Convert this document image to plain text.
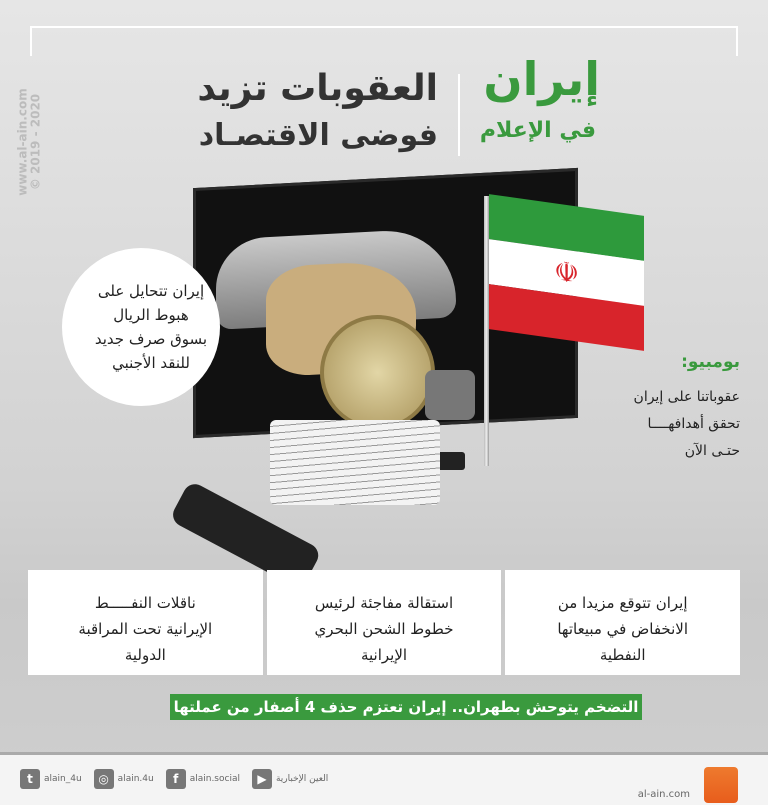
www.al-ain.com
© 2019 - 2020
إيران
في الإعلام
العقوبات تزيد
فوضى الاقتصـاد
☫

إيران تتحايل على
هبوط الريال
بسوق صرف جديد
للنقد الأجنبي	بومبيو:
عقوباتنا على إيران
تحقق أهدافهــــا
حتـى الآن
ناقلات النفـــــط
الإيرانية تحت المراقبة
الدولية
استقالة مفاجئة لرئيس
خطوط الشحن البحري
الإيرانية
إيران تتوقع مزيدا من
الانخفاض في مبيعاتها
النفطية
التضخم يتوحش بطهران.. إيران تعتزم حذف 4 أصفار من عملتها
t	alain_4u	◎ alain.4u	f	alain.social	▶	العين الإخبارية
al-ain.com
